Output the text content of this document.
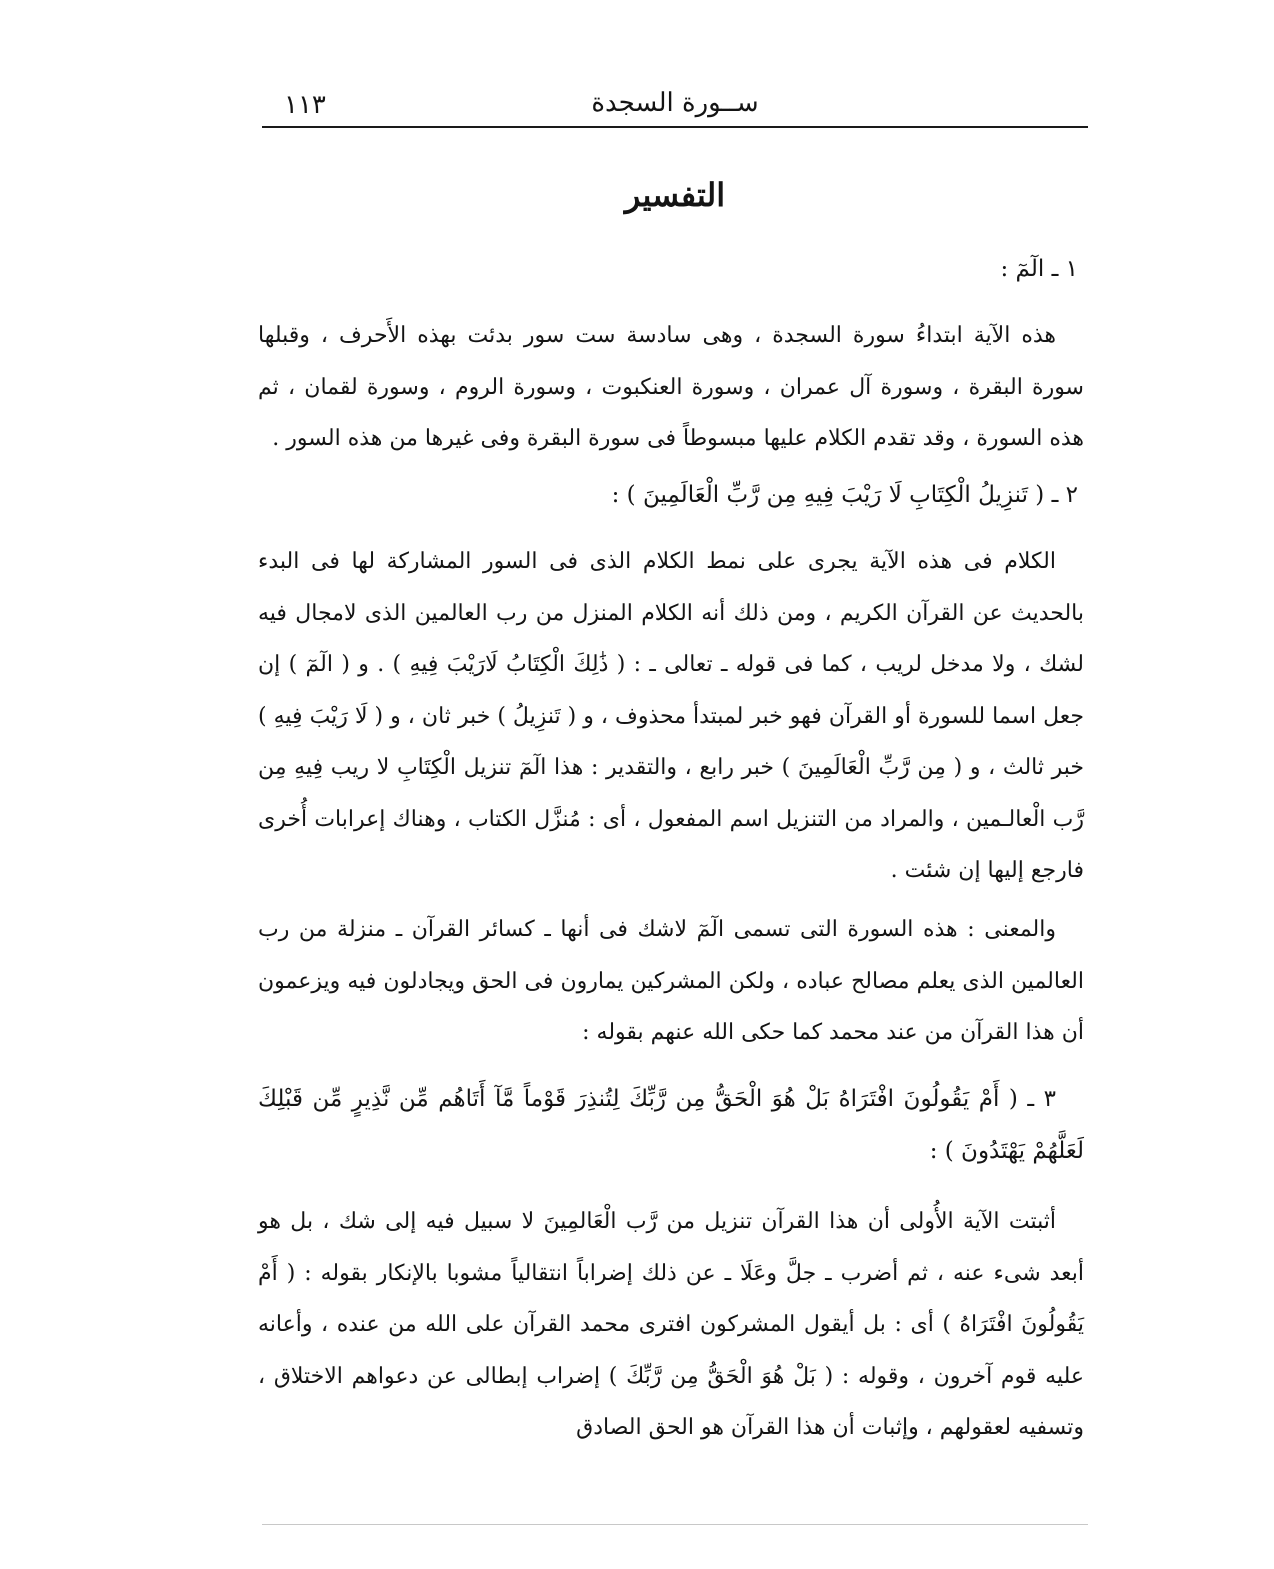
١١٣	ســورة السجدة
التفسير
١ ـ الٓمٓ :

هذه الآية ابتداءُ سورة السجدة ، وهى سادسة ست سور بدئت بهذه الأَحرف ، وقبلها سورة البقرة ، وسورة آل عمران ، وسورة العنكبوت ، وسورة الروم ، وسورة لقمان ، ثم هذه السورة ، وقد تقدم الكلام عليها مبسوطاً فى سورة البقرة وفى غيرها من هذه السور .

٢ ـ ( تَنزِيلُ الْكِتَابِ لَا رَيْبَ فِيهِ مِن رَّبِّ الْعَالَمِينَ ) :

الكلام فى هذه الآية يجرى على نمط الكلام الذى فى السور المشاركة لها فى البدء بالحديث عن القرآن الكريم ، ومن ذلك أنه الكلام المنزل من رب العالمين الذى لامجال فيه لشك ، ولا مدخل لريب ، كما فى قوله ـ تعالى ـ : ( ذَٰلِكَ الْكِتَابُ لَارَيْبَ فِيهِ ) . و ( الٓمٓ ) إن جعل اسما للسورة أو القرآن فهو خبر لمبتدأ محذوف ، و ( تَنزِيلُ ) خبر ثان ، و ( لَا رَيْبَ فِيهِ ) خبر ثالث ، و ( مِن رَّبِّ الْعَالَمِينَ ) خبر رابع ، والتقدير : هذا الٓمٓ تنزيل الْكِتَابِ لا ريب فِيهِ مِن رَّب الْعالـمين ، والمراد من التنزيل اسم المفعول ، أى : مُنزَّل الكتاب ، وهناك إعرابات أُخرى فارجع إليها إن شئت .

والمعنى : هذه السورة التى تسمى الٓمٓ لاشك فى أنها ـ كسائر القرآن ـ منزلة من رب العالمين الذى يعلم مصالح عباده ، ولكن المشركين يمارون فى الحق ويجادلون فيه ويزعمون أن هذا القرآن من عند محمد كما حكى الله عنهم بقوله :

٣ ـ ( أَمْ يَقُولُونَ افْتَرَاهُ بَلْ هُوَ الْحَقُّ مِن رَّبِّكَ لِتُنذِرَ قَوْماً مَّآ أَتَاهُم مِّن نَّذِيرٍ مِّن قَبْلِكَ لَعَلَّهُمْ يَهْتَدُونَ ) :

أثبتت الآية الأُولى أن هذا القرآن تنزيل من رَّب الْعَالمِينَ لا سبيل فيه إلى شك ، بل هو أبعد شىء عنه ، ثم أضرب ـ جلَّ وعَلَا ـ عن ذلك إضراباً انتقالياً مشوبا بالإنكار بقوله : ( أَمْ يَقُولُونَ افْتَرَاهُ ) أى : بل أيقول المشركون افترى محمد القرآن على الله من عنده ، وأعانه عليه قوم آخرون ، وقوله : ( بَلْ هُوَ الْحَقُّ مِن رَّبِّكَ ) إضراب إبطالى عن دعواهم الاختلاق ، وتسفيه لعقولهم ، وإثبات أن هذا القرآن هو الحق الصادق
